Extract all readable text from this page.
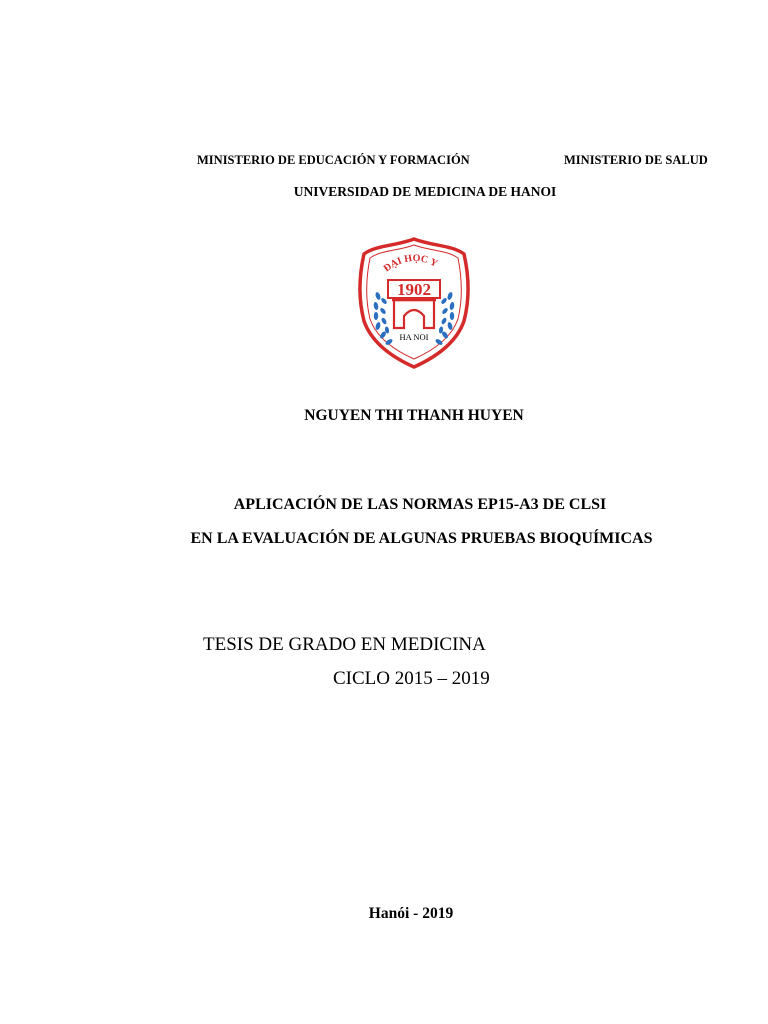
MINISTERIO DE EDUCACIÓN Y FORMACIÓN	MINISTERIO DE SALUD
UNIVERSIDAD DE MEDICINA DE HANOI
ĐẠI HỌC Y
1902
HA NOI
NGUYEN THI THANH HUYEN
APLICACIÓN DE LAS NORMAS EP15-A3 DE CLSI
EN LA EVALUACIÓN DE ALGUNAS PRUEBAS BIOQUÍMICAS
TESIS DE GRADO EN MEDICINA
CICLO 2015 – 2019
Hanói - 2019
